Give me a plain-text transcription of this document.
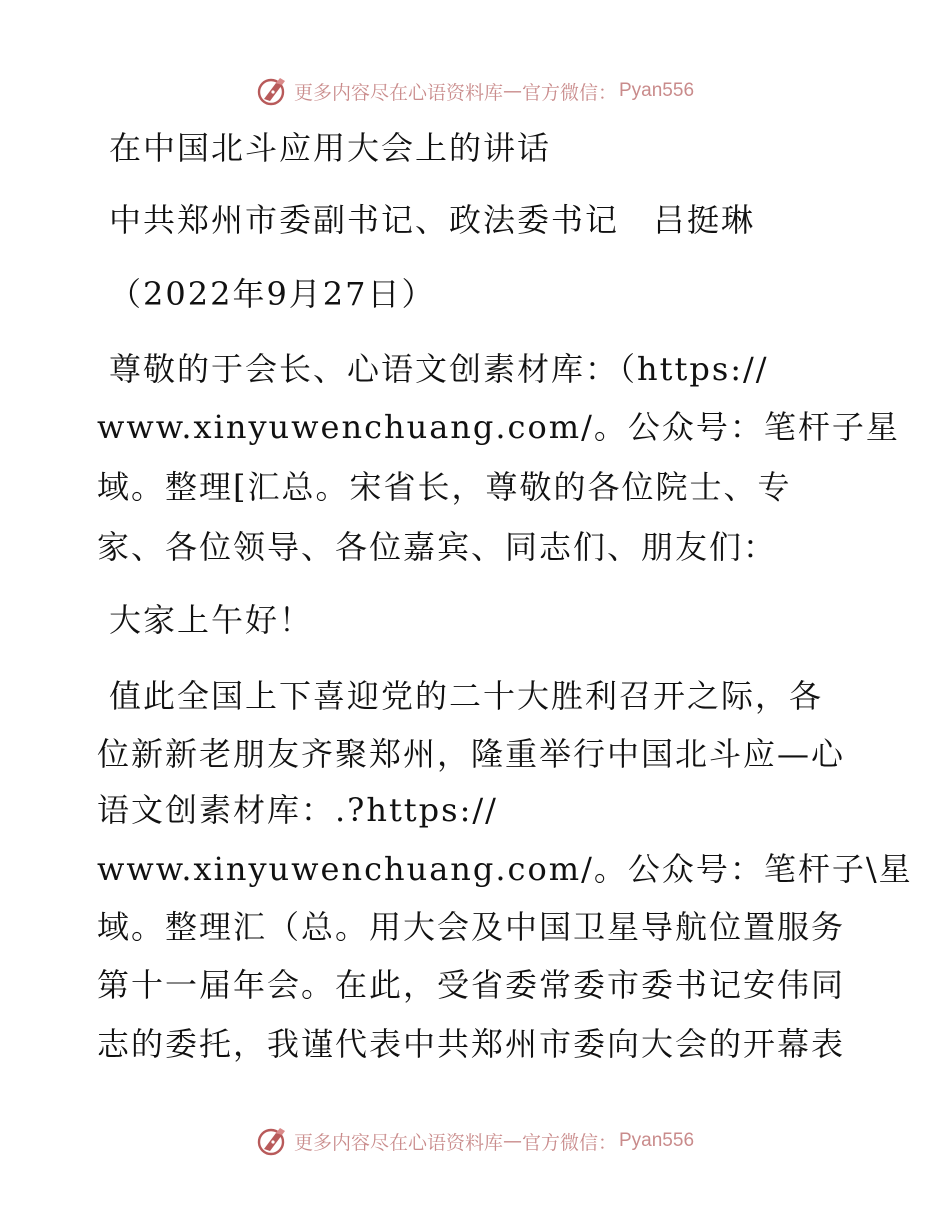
更多内容尽在心语资料库 — 官方微信： Pyan556
在中国北斗应用大会上的讲话
中共郑州市委副书记、政法委书记　吕挺琳
（2022年9月27日）
尊敬的于会长、心语文创素材库：（https://
www.xinyuwenchuang.com/。公众号：笔杆子星
域。整理[汇总。宋省长，尊敬的各位院士、专
家、各位领导、各位嘉宾、同志们、朋友们：
大家上午好！
值此全国上下喜迎党的二十大胜利召开之际，各
位新新老朋友齐聚郑州，隆重举行中国北斗应—心
语文创素材库：.?https://
www.xinyuwenchuang.com/。公众号：笔杆子\星
域。整理汇（总。用大会及中国卫星导航位置服务
第十一届年会。在此，受省委常委市委书记安伟同
志的委托，我谨代表中共郑州市委向大会的开幕表
更多内容尽在心语资料库 — 官方微信： Pyan556
